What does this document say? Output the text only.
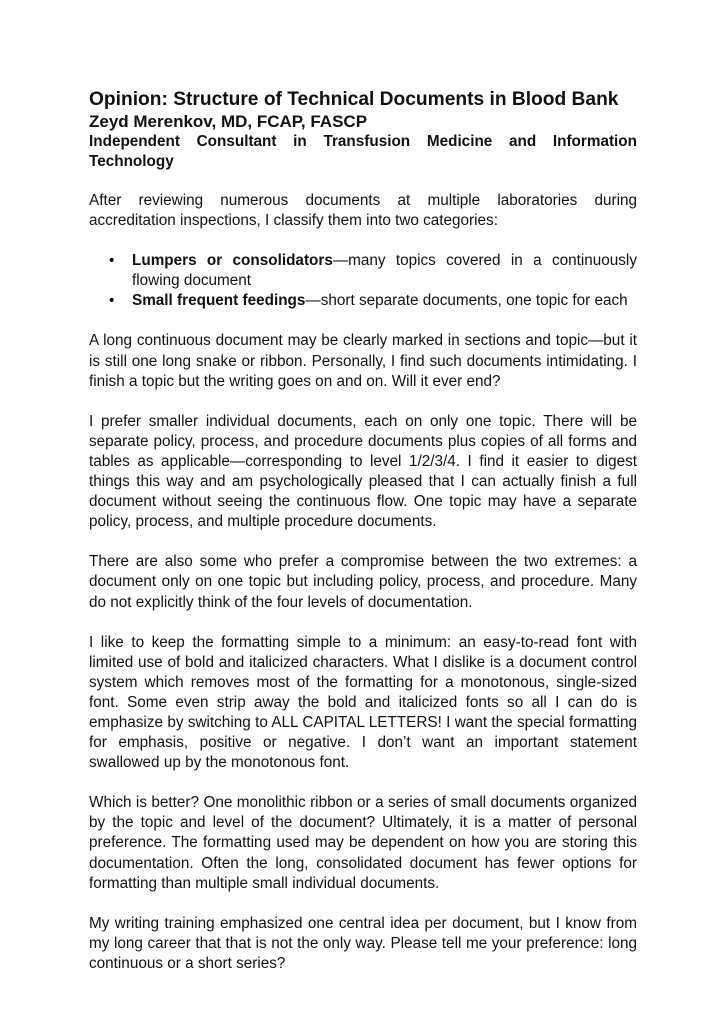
Opinion: Structure of Technical Documents in Blood Bank

Zeyd Merenkov, MD, FCAP, FASCP

Independent Consultant in Transfusion Medicine and Information Technology

After reviewing numerous documents at multiple laboratories during accreditation inspections, I classify them into two categories:

• Lumpers or consolidators—many topics covered in a continuously flowing document
• Small frequent feedings—short separate documents, one topic for each

A long continuous document may be clearly marked in sections and topic—but it is still one long snake or ribbon. Personally, I find such documents intimidating. I finish a topic but the writing goes on and on. Will it ever end?

I prefer smaller individual documents, each on only one topic. There will be separate policy, process, and procedure documents plus copies of all forms and tables as applicable—corresponding to level 1/2/3/4. I find it easier to digest things this way and am psychologically pleased that I can actually finish a full document without seeing the continuous flow. One topic may have a separate policy, process, and multiple procedure documents.

There are also some who prefer a compromise between the two extremes: a document only on one topic but including policy, process, and procedure. Many do not explicitly think of the four levels of documentation.

I like to keep the formatting simple to a minimum: an easy-to-read font with limited use of bold and italicized characters. What I dislike is a document control system which removes most of the formatting for a monotonous, single-sized font. Some even strip away the bold and italicized fonts so all I can do is emphasize by switching to ALL CAPITAL LETTERS! I want the special formatting for emphasis, positive or negative. I don’t want an important statement swallowed up by the monotonous font.

Which is better? One monolithic ribbon or a series of small documents organized by the topic and level of the document? Ultimately, it is a matter of personal preference. The formatting used may be dependent on how you are storing this documentation. Often the long, consolidated document has fewer options for formatting than multiple small individual documents.

My writing training emphasized one central idea per document, but I know from my long career that that is not the only way. Please tell me your preference: long continuous or a short series?
